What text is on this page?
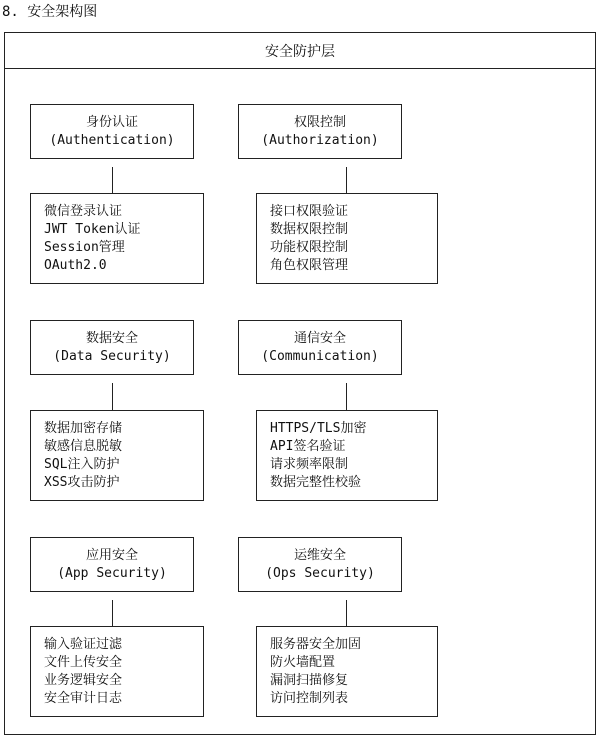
8. 安全架构图
安全防护层
身份认证
(Authentication)
微信登录认证
JWT Token认证
Session管理
OAuth2.0
权限控制
(Authorization)
接口权限验证
数据权限控制
功能权限控制
角色权限管理
数据安全
(Data Security)
数据加密存储
敏感信息脱敏
SQL注入防护
XSS攻击防护
通信安全
(Communication)
HTTPS/TLS加密
API签名验证
请求频率限制
数据完整性校验
应用安全
(App Security)
输入验证过滤
文件上传安全
业务逻辑安全
安全审计日志
运维安全
(Ops Security)
服务器安全加固
防火墙配置
漏洞扫描修复
访问控制列表
